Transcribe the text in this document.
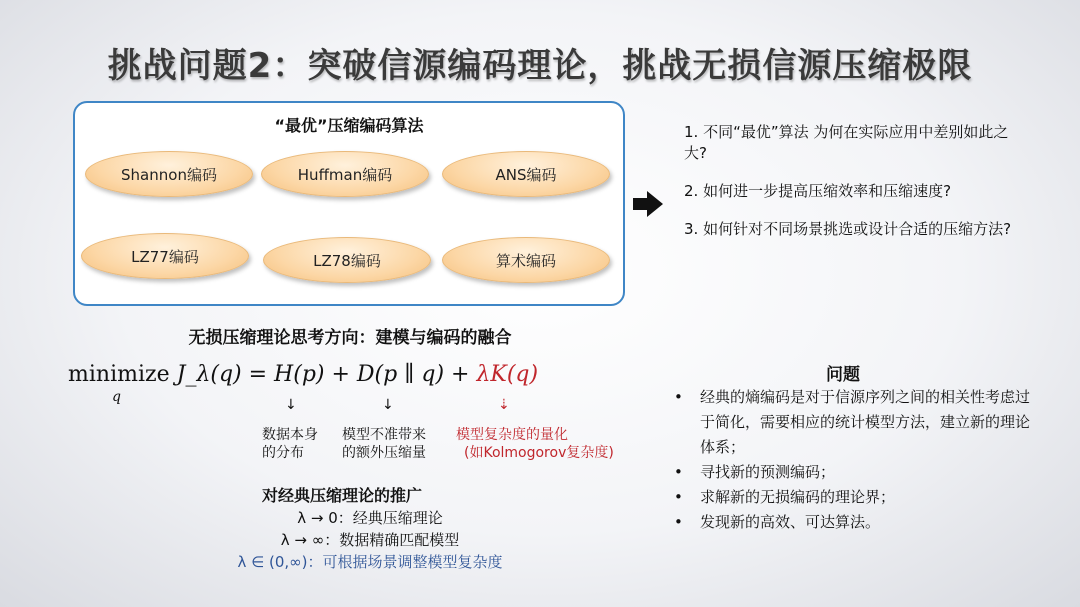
挑战问题2：突破信源编码理论，挑战无损信源压缩极限
“最优”压缩编码算法
Shannon编码	Huffman编码	ANS编码
LZ77编码	LZ78编码	算术编码
1. 不同“最优”算法 为何在实际应用中差别如此之大?
2. 如何进一步提高压缩效率和压缩速度?
3. 如何针对不同场景挑选或设计合适的压缩方法?
无损压缩理论思考方向：建模与编码的融合
minimize J_λ(q) = H(p) + D(p ∥ q) + λK(q)
q	↓	↓	⇣
数据本身
的分布
模型不准带来
的额外压缩量
模型复杂度的量化
(如Kolmogorov复杂度)
对经典压缩理论的推广
λ → 0：经典压缩理论
λ → ∞：数据精确匹配模型
λ ∈ (0,∞)：可根据场景调整模型复杂度
问题
• 经典的熵编码是对于信源序列之间的相关性考虑过于简化，需要相应的统计模型方法，建立新的理论体系；
• 寻找新的预测编码；
• 求解新的无损编码的理论界；
• 发现新的高效、可达算法。
